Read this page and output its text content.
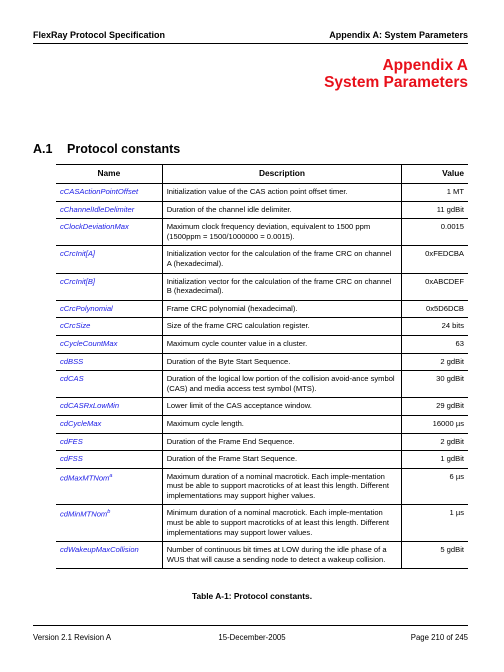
FlexRay Protocol Specification	Appendix A: System Parameters
Appendix A
System Parameters
A.1 Protocol constants
Name	Description	Value
cCASActionPointOffset	Initialization value of the CAS action point offset timer.	1 MT
cChannelIdleDelimiter	Duration of the channel idle delimiter.	11 gdBit
cClockDeviationMax	Maximum clock frequency deviation, equivalent to 1500 ppm (1500ppm = 1500/1000000 = 0.0015).	0.0015
cCrcInit[A]	Initialization vector for the calculation of the frame CRC on channel A (hexadecimal).	0xFEDCBA
cCrcInit[B]	Initialization vector for the calculation of the frame CRC on channel B (hexadecimal).	0xABCDEF
cCrcPolynomial	Frame CRC polynomial (hexadecimal).	0x5D6DCB
cCrcSize	Size of the frame CRC calculation register.	24 bits
cCycleCountMax	Maximum cycle counter value in a cluster.	63
cdBSS	Duration of the Byte Start Sequence.	2 gdBit
cdCAS	Duration of the logical low portion of the collision avoid-ance symbol (CAS) and media access test symbol (MTS).	30 gdBit
cdCASRxLowMin	Lower limit of the CAS acceptance window.	29 gdBit
cdCycleMax	Maximum cycle length.	16000 µs
cdFES	Duration of the Frame End Sequence.	2 gdBit
cdFSS	Duration of the Frame Start Sequence.	1 gdBit
cdMaxMTNom$^a$	Maximum duration of a nominal macrotick. Each imple-mentation must be able to support macroticks of at least this length. Different implementations may support higher values.	6 µs
cdMinMTNom$^b$	Minimum duration of a nominal macrotick. Each imple-mentation must be able to support macroticks of at least this length. Different implementations may support lower values.	1 µs
cdWakeupMaxCollision	Number of continuous bit times at LOW during the idle phase of a WUS that will cause a sending node to detect a wakeup collision.	5 gdBit
Table A-1: Protocol constants.
Version 2.1 Revision A	15-December-2005	Page 210 of 245
